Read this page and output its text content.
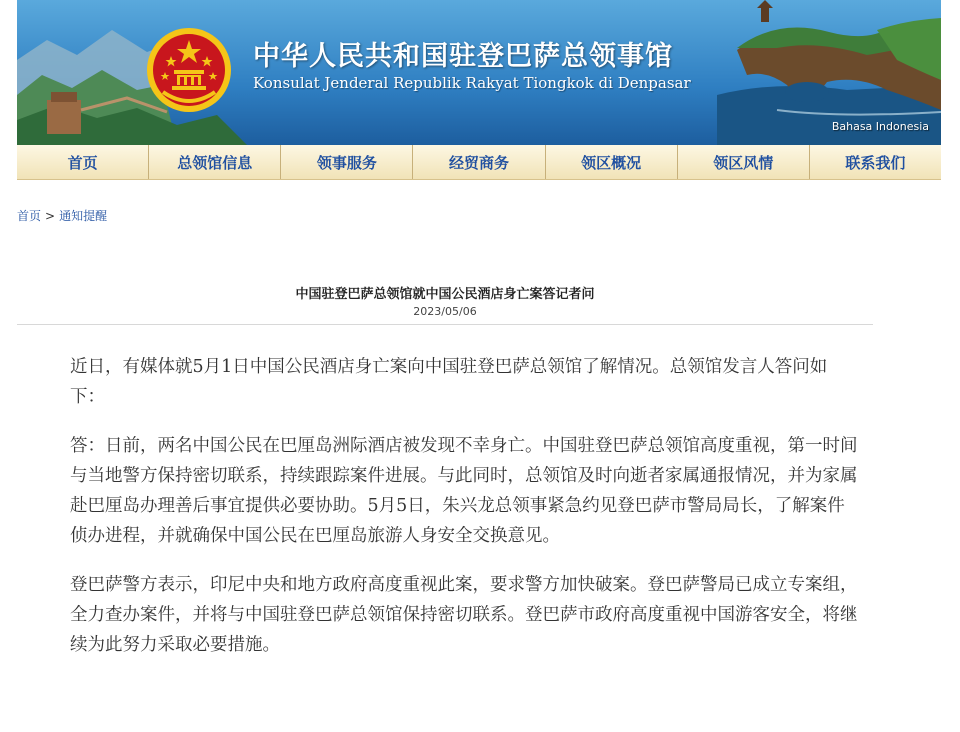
中华人民共和国驻登巴萨总领事馆

Konsulat Jenderal Republik Rakyat Tiongkok di Denpasar

Bahasa Indonesia
首页	总领馆信息	领事服务	经贸商务	领区概况	领区风情	联系我们
首页 > 通知提醒
中国驻登巴萨总领馆就中国公民酒店身亡案答记者问
2023/05/06

近日，有媒体就5月1日中国公民酒店身亡案向中国驻登巴萨总领馆了解情况。总领馆发言人答问如下：

答：日前，两名中国公民在巴厘岛洲际酒店被发现不幸身亡。中国驻登巴萨总领馆高度重视，第一时间与当地警方保持密切联系，持续跟踪案件进展。与此同时，总领馆及时向逝者家属通报情况，并为家属赴巴厘岛办理善后事宜提供必要协助。5月5日，朱兴龙总领事紧急约见登巴萨市警局局长，了解案件侦办进程，并就确保中国公民在巴厘岛旅游人身安全交换意见。

登巴萨警方表示，印尼中央和地方政府高度重视此案，要求警方加快破案。登巴萨警局已成立专案组，全力查办案件，并将与中国驻登巴萨总领馆保持密切联系。登巴萨市政府高度重视中国游客安全，将继续为此努力采取必要措施。
